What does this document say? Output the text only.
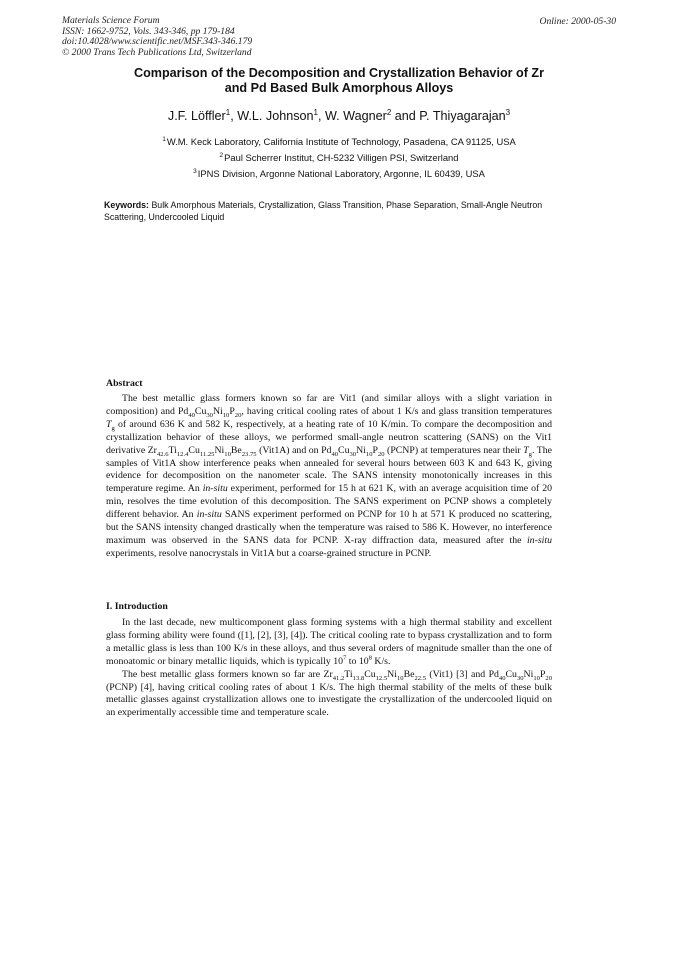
Materials Science Forum
ISSN: 1662-9752, Vols. 343-346, pp 179-184
doi:10.4028/www.scientific.net/MSF.343-346.179
© 2000 Trans Tech Publications Ltd, Switzerland
Online: 2000-05-30
Comparison of the Decomposition and Crystallization Behavior of Zr
and Pd Based Bulk Amorphous Alloys
J.F. Löffler$^1$, W.L. Johnson$^1$, W. Wagner$^2$ and P. Thiyagarajan$^3$
$^1$W.M. Keck Laboratory, California Institute of Technology, Pasadena, CA 91125, USA
$^2$Paul Scherrer Institut, CH-5232 Villigen PSI, Switzerland
$^3$IPNS Division, Argonne National Laboratory, Argonne, IL 60439, USA
Keywords: Bulk Amorphous Materials, Crystallization, Glass Transition, Phase Separation, Small-Angle Neutron Scattering, Undercooled Liquid
Abstract

The best metallic glass formers known so far are Vit1 (and similar alloys with a slight variation in composition) and $Pd_{40}Cu_{30}Ni_{10}P_{20}$, having critical cooling rates of about 1 K/s and glass transition temperatures $T_g$ of around 636 K and 582 K, respectively, at a heating rate of 10 K/min. To compare the decomposition and crystallization behavior of these alloys, we performed small-angle neutron scattering (SANS) on the Vit1 derivative $Zr_{42.6}Ti_{12.4}Cu_{11.25}Ni_{10}Be_{23.75}$ (Vit1A) and on $Pd_{40}Cu_{30}Ni_{10}P_{20}$ (PCNP) at temperatures near their $T_g$. The samples of Vit1A show interference peaks when annealed for several hours between 603 K and 643 K, giving evidence for decomposition on the nanometer scale. The SANS intensity monotonically increases in this temperature regime. An in-situ experiment, performed for 15 h at 621 K, with an average acquisition time of 20 min, resolves the time evolution of this decomposition. The SANS experiment on PCNP shows a completely different behavior. An in-situ SANS experiment performed on PCNP for 10 h at 571 K produced no scattering, but the SANS intensity changed drastically when the temperature was raised to 586 K. However, no interference maximum was observed in the SANS data for PCNP. X-ray diffraction data, measured after the in-situ experiments, resolve nanocrystals in Vit1A but a coarse-grained structure in PCNP.

I. Introduction

In the last decade, new multicomponent glass forming systems with a high thermal stability and excellent glass forming ability were found ([1], [2], [3], [4]). The critical cooling rate to bypass crystallization and to form a metallic glass is less than 100 K/s in these alloys, and thus several orders of magnitude smaller than the one of monoatomic or binary metallic liquids, which is typically $10^7$ to $10^8$ K/s.

The best metallic glass formers known so far are $Zr_{41.2}Ti_{13.8}Cu_{12.5}Ni_{10}Be_{22.5}$ (Vit1) [3] and $Pd_{40}Cu_{30}Ni_{10}P_{20}$ (PCNP) [4], having critical cooling rates of about 1 K/s. The high thermal stability of the melts of these bulk metallic glasses against crystallization allows one to investigate the crystallization of the undercooled liquid on an experimentally accessible time and temperature scale.
